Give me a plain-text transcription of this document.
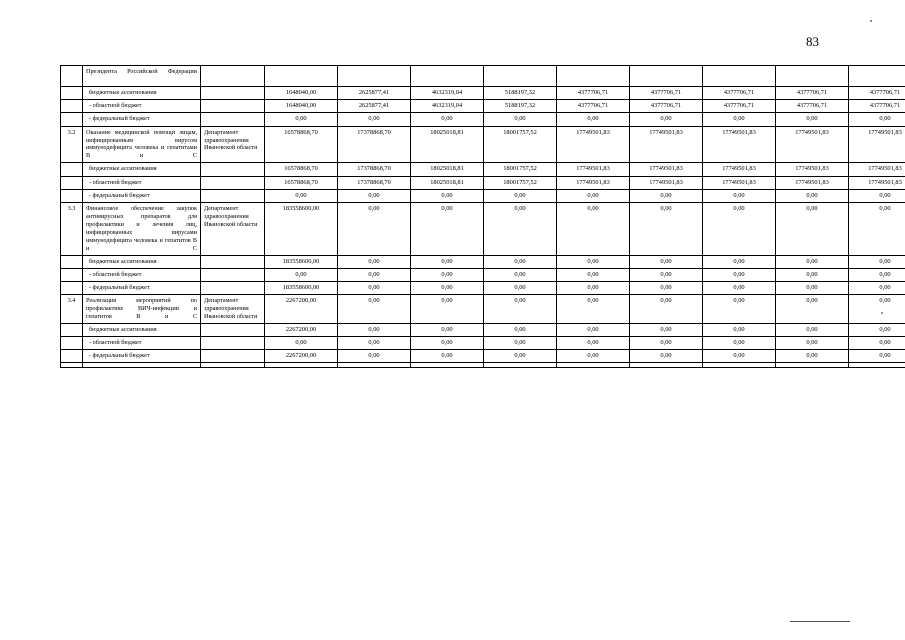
83
	Президента Российской Федерации										
	бюджетные ассигнования		1648040,00	2625877,41	4632319,04	5188197,32	4377706,71	4377706,71	4377706,71	4377706,71	4377706,71
	- областной бюджет		1648040,00	2625877,41	4632319,04	5188197,32	4377706,71	4377706,71	4377706,71	4377706,71	4377706,71
	- федеральный бюджет		0,00	0,00	0,00	0,00	0,00	0,00	0,00	0,00	0,00
3.2	Оказание медицинской помощи лицам, инфицированным вирусом иммунодефицита человека и гепатитами B и C	Департамент здравоохранения Ивановской области	16578868,70	17378868,70	18025018,81	18001757,52	17749501,83	17749501,83	17749501,83	17749501,83	17749501,83
	бюджетные ассигнования		16578868,70	17378868,70	18025018,81	18001757,52	17749501,83	17749501,83	17749501,83	17749501,83	17749501,83
	- областной бюджет		16578868,70	17378868,70	18025018,81	18001757,52	17749501,83	17749501,83	17749501,83	17749501,83	17749501,83
	- федеральный бюджет		0,00	0,00	0,00	0,00	0,00	0,00	0,00	0,00	0,00
3.3	Финансовое обеспечение закупок антивирусных препаратов для профилактики и лечения лиц, инфицированных вирусами иммунодефицита человека и гепатитов B и C	Департамент здравоохранения Ивановской области	183558600,00	0,00	0,00	0,00	0,00	0,00	0,00	0,00	0,00
	бюджетные ассигнования		183558600,00	0,00	0,00	0,00	0,00	0,00	0,00	0,00	0,00
	- областной бюджет		0,00	0,00	0,00	0,00	0,00	0,00	0,00	0,00	0,00
	- федеральный бюджет		183558600,00	0,00	0,00	0,00	0,00	0,00	0,00	0,00	0,00
3.4	Реализация мероприятий по профилактике ВИЧ-инфекции и гепатитов B и C	Департамент здравоохранения Ивановской области	2267200,00	0,00	0,00	0,00	0,00	0,00	0,00	0,00	0,00
	бюджетные ассигнования		2267200,00	0,00	0,00	0,00	0,00	0,00	0,00	0,00	0,00
	- областной бюджет		0,00	0,00	0,00	0,00	0,00	0,00	0,00	0,00	0,00
	- федеральный бюджет		2267200,00	0,00	0,00	0,00	0,00	0,00	0,00	0,00	0,00
